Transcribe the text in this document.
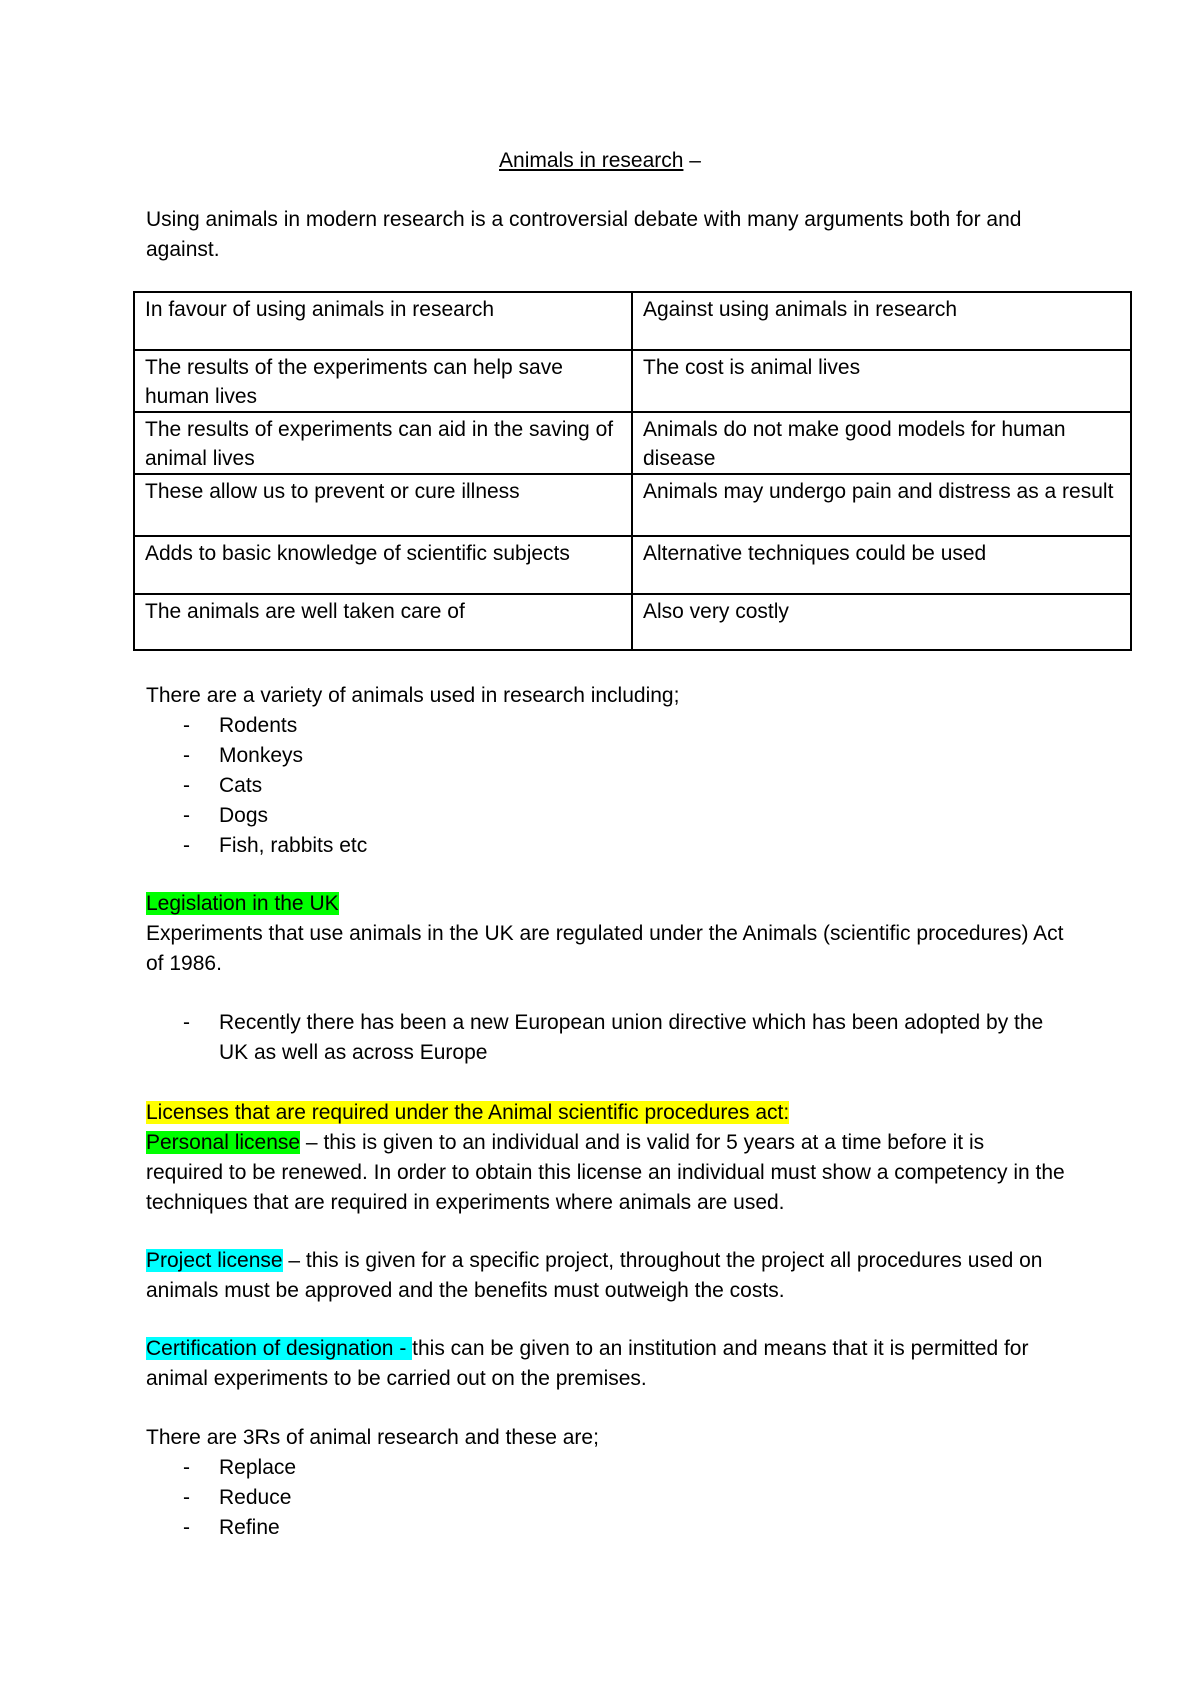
Animals in research –

Using animals in modern research is a controversial debate with many arguments both for and against.

In favour of using animals in research	Against using animals in research
The results of the experiments can help save human lives	The cost is animal lives
The results of experiments can aid in the saving of animal lives	Animals do not make good models for human disease
These allow us to prevent or cure illness	Animals may undergo pain and distress as a result
Adds to basic knowledge of scientific subjects	Alternative techniques could be used
The animals are well taken care of	Also very costly

There are a variety of animals used in research including;

- Rodents
- Monkeys
- Cats
- Dogs
- Fish, rabbits etc

Legislation in the UK

Experiments that use animals in the UK are regulated under the Animals (scientific procedures) Act of 1986.

- Recently there has been a new European union directive which has been adopted by the UK as well as across Europe

Licenses that are required under the Animal scientific procedures act:

Personal license – this is given to an individual and is valid for 5 years at a time before it is required to be renewed. In order to obtain this license an individual must show a competency in the techniques that are required in experiments where animals are used.

Project license – this is given for a specific project, throughout the project all procedures used on animals must be approved and the benefits must outweigh the costs.

Certification of designation - this can be given to an institution and means that it is permitted for animal experiments to be carried out on the premises.

There are 3Rs of animal research and these are;

- Replace
- Reduce
- Refine
